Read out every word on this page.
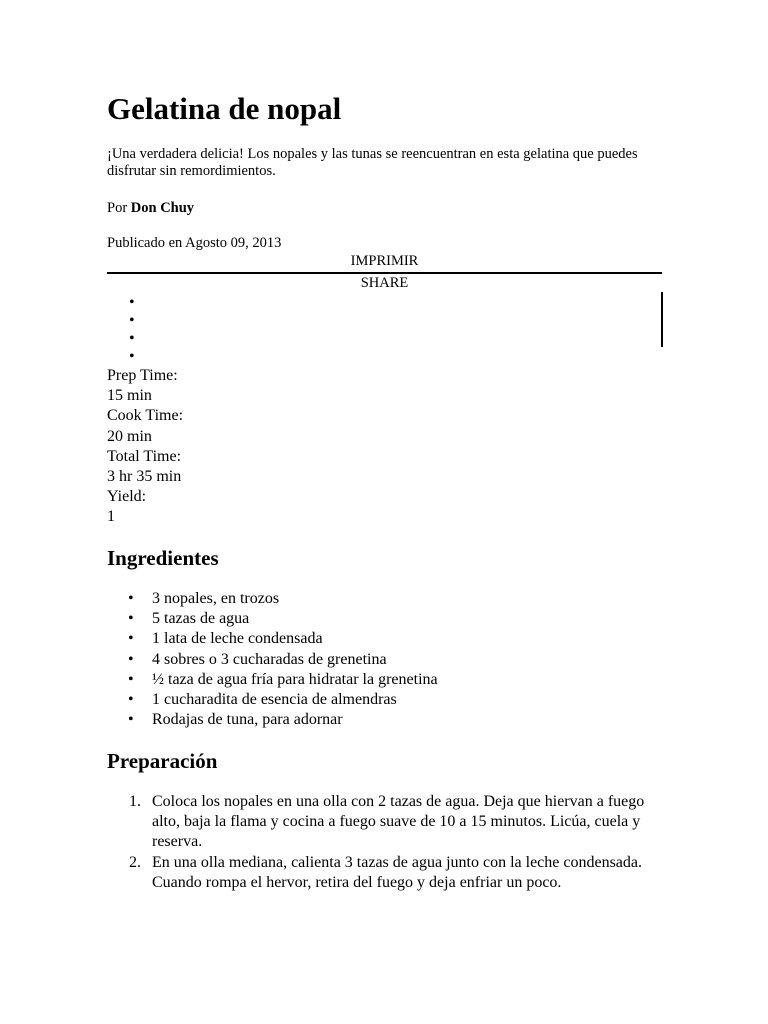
Gelatina de nopal

¡Una verdadera delicia! Los nopales y las tunas se reencuentran en esta gelatina que puedes disfrutar sin remordimientos.

Por Don Chuy
Publicado en Agosto 09, 2013
IMPRIMIR
SHARE
•
•
•
•
Prep Time:
15 min
Cook Time:
20 min
Total Time:
3 hr 35 min
Yield:
1
Ingredientes
• 3 nopales, en trozos
• 5 tazas de agua
• 1 lata de leche condensada
• 4 sobres o 3 cucharadas de grenetina
• ½ taza de agua fría para hidratar la grenetina
• 1 cucharadita de esencia de almendras
• Rodajas de tuna, para adornar
Preparación
1. Coloca los nopales en una olla con 2 tazas de agua. Deja que hiervan a fuego alto, baja la flama y cocina a fuego suave de 10 a 15 minutos. Licúa, cuela y reserva.
2. En una olla mediana, calienta 3 tazas de agua junto con la leche condensada. Cuando rompa el hervor, retira del fuego y deja enfriar un poco.
